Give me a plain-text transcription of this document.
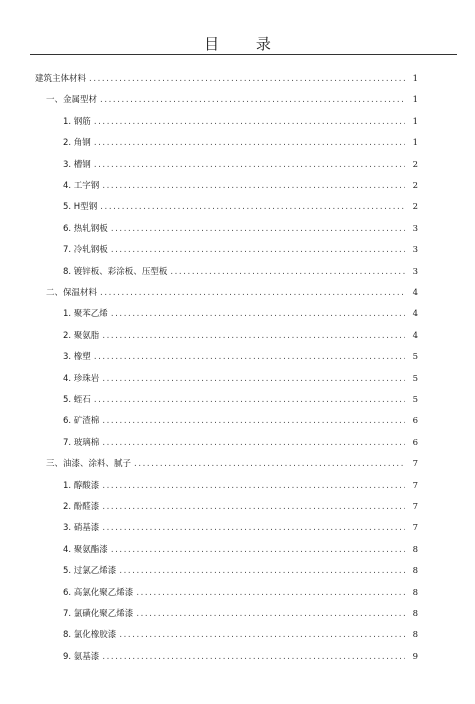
目 录
建筑主体材料 .....	1
一、金属型材 .....	1
1. 钢筋 .....	1
2. 角钢 .....	1
3. 槽钢 .....	2
4. 工字钢 .....	2
5. H型钢 .....	2
6. 热轧钢板 .....	3
7. 冷轧钢板 .....	3
8. 镀锌板、彩涂板、压型板 .....	3
二、保温材料 .....	4
1. 聚苯乙烯 .....	4
2. 聚氨脂 .....	4
3. 橡塑 .....	5
4. 珍珠岩 .....	5
5. 蛭石 .....	5
6. 矿渣棉 .....	6
7. 玻璃棉 .....	6
三、油漆、涂料、腻子 .....	7
1. 醇酸漆 .....	7
2. 酚醛漆 .....	7
3. 硝基漆 .....	7
4. 聚氨酯漆 .....	8
5. 过氯乙烯漆 .....	8
6. 高氯化聚乙烯漆 .....	8
7. 氯磺化聚乙烯漆 .....	8
8. 氯化橡胶漆 .....	8
9. 氨基漆 .....	9
